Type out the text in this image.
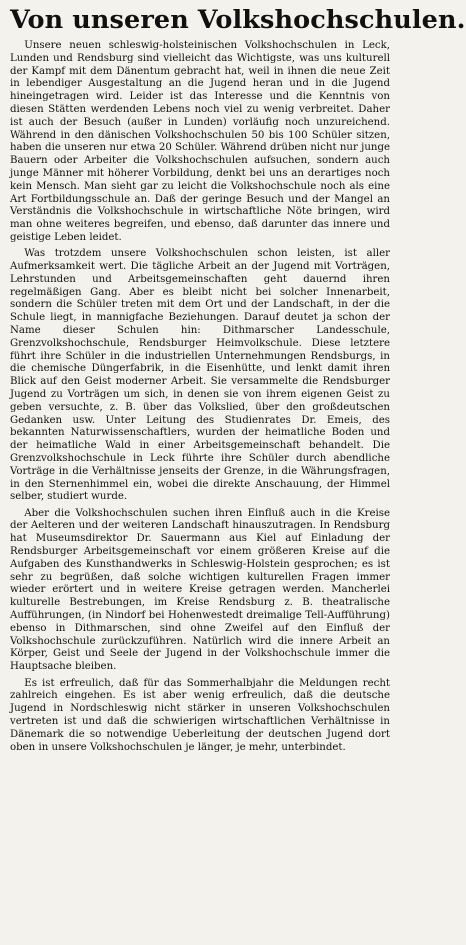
Von unseren Volkshochschulen.

Unsere neuen schleswig-holsteinischen Volkshochschulen in Leck, Lunden und Rendsburg sind vielleicht das Wichtigste, was uns kulturell der Kampf mit dem Dänentum gebracht hat, weil in ihnen die neue Zeit in lebendiger Ausgestaltung an die Jugend heran und in die Jugend hineingetragen wird. Leider ist das Interesse und die Kenntnis von diesen Stätten werdenden Lebens noch viel zu wenig verbreitet. Daher ist auch der Besuch (außer in Lunden) vorläufig noch unzureichend. Während in den dänischen Volkshochschulen 50 bis 100 Schüler sitzen, haben die unseren nur etwa 20 Schüler. Während drüben nicht nur junge Bauern oder Arbeiter die Volkshochschulen aufsuchen, sondern auch junge Männer mit höherer Vorbildung, denkt bei uns an derartiges noch kein Mensch. Man sieht gar zu leicht die Volkshochschule noch als eine Art Fortbildungsschule an. Daß der geringe Besuch und der Mangel an Verständnis die Volkshochschule in wirtschaftliche Nöte bringen, wird man ohne weiteres begreifen, und ebenso, daß darunter das innere und geistige Leben leidet.

Was trotzdem unsere Volkshochschulen schon leisten, ist aller Aufmerksamkeit wert. Die tägliche Arbeit an der Jugend mit Vorträgen, Lehrstunden und Arbeitsgemeinschaften geht dauernd ihren regelmäßigen Gang. Aber es bleibt nicht bei solcher Innenarbeit, sondern die Schüler treten mit dem Ort und der Landschaft, in der die Schule liegt, in mannigfache Beziehungen. Darauf deutet ja schon der Name dieser Schulen hin: Dithmarscher Landesschule, Grenzvolkshochschule, Rendsburger Heimvolkschule. Diese letztere führt ihre Schüler in die industriellen Unternehmungen Rendsburgs, in die chemische Düngerfabrik, in die Eisenhütte, und lenkt damit ihren Blick auf den Geist moderner Arbeit. Sie versammelte die Rendsburger Jugend zu Vorträgen um sich, in denen sie von ihrem eigenen Geist zu geben versuchte, z. B. über das Volkslied, über den großdeutschen Gedanken usw. Unter Leitung des Studienrates Dr. Emeis, des bekannten Naturwissenschaftlers, wurden der heimatliche Boden und der heimatliche Wald in einer Arbeitsgemeinschaft behandelt. Die Grenzvolkshochschule in Leck führte ihre Schüler durch abendliche Vorträge in die Verhältnisse jenseits der Grenze, in die Währungsfragen, in den Sternenhimmel ein, wobei die direkte Anschauung, der Himmel selber, studiert wurde.

Aber die Volkshochschulen suchen ihren Einfluß auch in die Kreise der Aelteren und der weiteren Landschaft hinauszutragen. In Rendsburg hat Museumsdirektor Dr. Sauermann aus Kiel auf Einladung der Rendsburger Arbeitsgemeinschaft vor einem größeren Kreise auf die Aufgaben des Kunsthandwerks in Schleswig-Holstein gesprochen; es ist sehr zu begrüßen, daß solche wichtigen kulturellen Fragen immer wieder erörtert und in weitere Kreise getragen werden. Mancherlei kulturelle Bestrebungen, im Kreise Rendsburg z. B. theatralische Aufführungen, (in Nindorf bei Hohenwestedt dreimalige Tell-Aufführung) ebenso in Dithmarschen, sind ohne Zweifel auf den Einfluß der Volkshochschule zurückzuführen. Natürlich wird die innere Arbeit an Körper, Geist und Seele der Jugend in der Volkshochschule immer die Hauptsache bleiben.

Es ist erfreulich, daß für das Sommerhalbjahr die Meldungen recht zahlreich eingehen. Es ist aber wenig erfreulich, daß die deutsche Jugend in Nordschleswig nicht stärker in unseren Volkshochschulen vertreten ist und daß die schwierigen wirtschaftlichen Verhältnisse in Dänemark die so notwendige Ueberleitung der deutschen Jugend dort oben in unsere Volkshochschulen je länger, je mehr, unterbindet.
